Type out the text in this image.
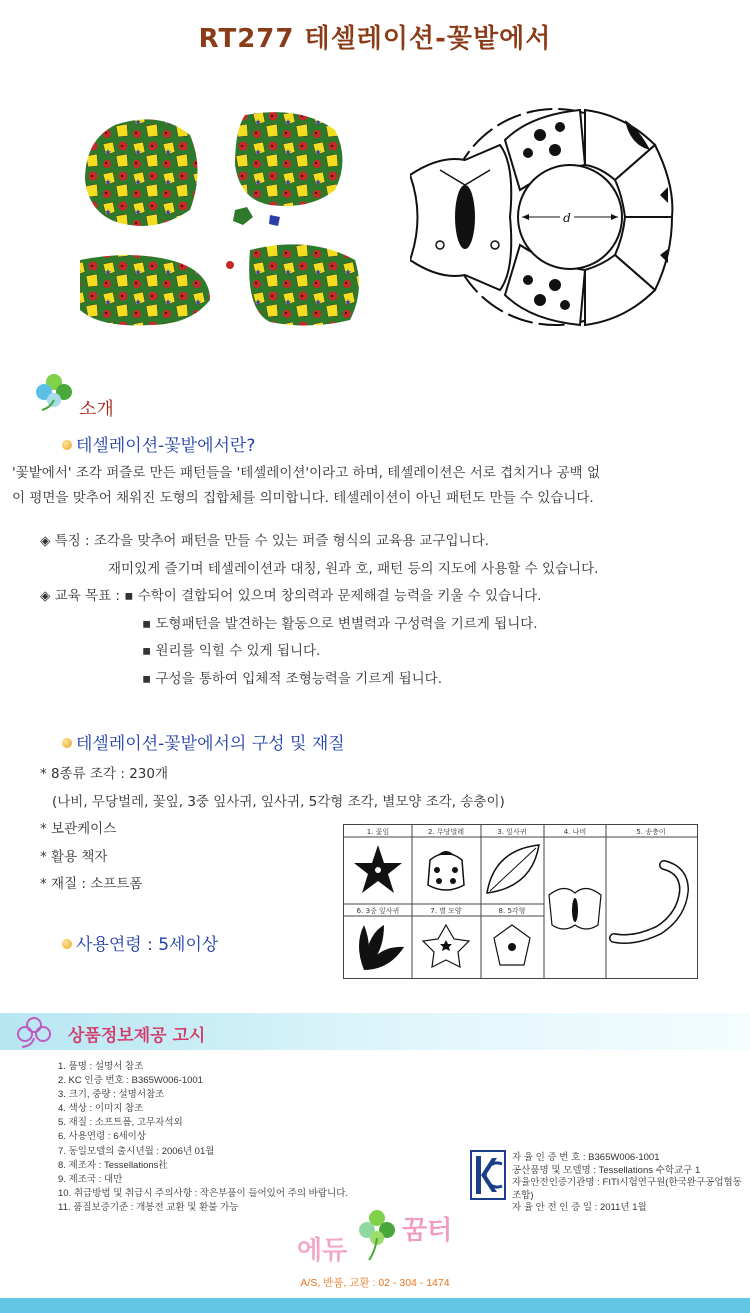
RT277 테셀레이션-꽃밭에서
d
소개
테셀레이션-꽃밭에서란?
'꽃밭에서' 조각 퍼즐로 만든 패턴들을 '테셀레이션'이라고 하며, 테셀레이션은 서로 겹치거나 공백 없
이 평면을 맞추어 채워진 도형의 집합체를 의미합니다. 테셀레이션이 아닌 패턴도 만들 수 있습니다.
◈ 특징 : 조각을 맞추어 패턴을 만들 수 있는 퍼즐 형식의 교육용 교구입니다.
재미있게 즐기며 테셀레이션과 대칭, 원과 호, 패턴 등의 지도에 사용할 수 있습니다.
◈ 교육 목표 : ▪ 수학이 결합되어 있으며 창의력과 문제해결 능력을 키울 수 있습니다.
▪ 도형패턴을 발견하는 활동으로 변별력과 구성력을 기르게 됩니다.
▪ 원리를 익힐 수 있게 됩니다.
▪ 구성을 통하여 입체적 조형능력을 기르게 됩니다.
테셀레이션-꽃밭에서의 구성 및 재질
* 8종류 조각 : 230개
(나비, 무당벌레, 꽃잎, 3중 잎사귀, 잎사귀, 5각형 조각, 별모양 조각, 송충이)
* 보관케이스
* 활용 책자
* 재질 : 소프트폼
사용연령 : 5세이상
1. 꽃잎	2. 무당벌레	3. 잎사귀	4. 나비	5. 송충이
6. 3중 잎사귀	7. 별 모양	8. 5각형
상품정보제공 고시
1. 품명 : 설명서 참조
2. KC 인증 번호 : B365W006-1001
3. 크기, 중량 : 설명서참조
4. 색상 : 이미지 참조
5. 재질 : 소프트폼, 고무자석외
6. 사용연령 : 6세이상
7. 동일모델의 출시년월 : 2006년 01월
8. 제조자 : Tessellations社
9. 제조국 : 대만
10. 취급방법 및 취급시 주의사항 : 작은부품이 들어있어 주의 바랍니다.
11. 품질보증기준 : 개봉전 교환 및 환불 가능
자 율 인 증 번 호 : B365W006-1001
공산품명 및 모델명 : Tessellations 수학교구 1
자율안전인증기관명 : FITI시험연구원(한국완구공업협동조합)
자 율 안 전 인 증 일 : 2011년 1월
에듀
꿈터
A/S, 반품, 교환 : 02 - 304 - 1474
